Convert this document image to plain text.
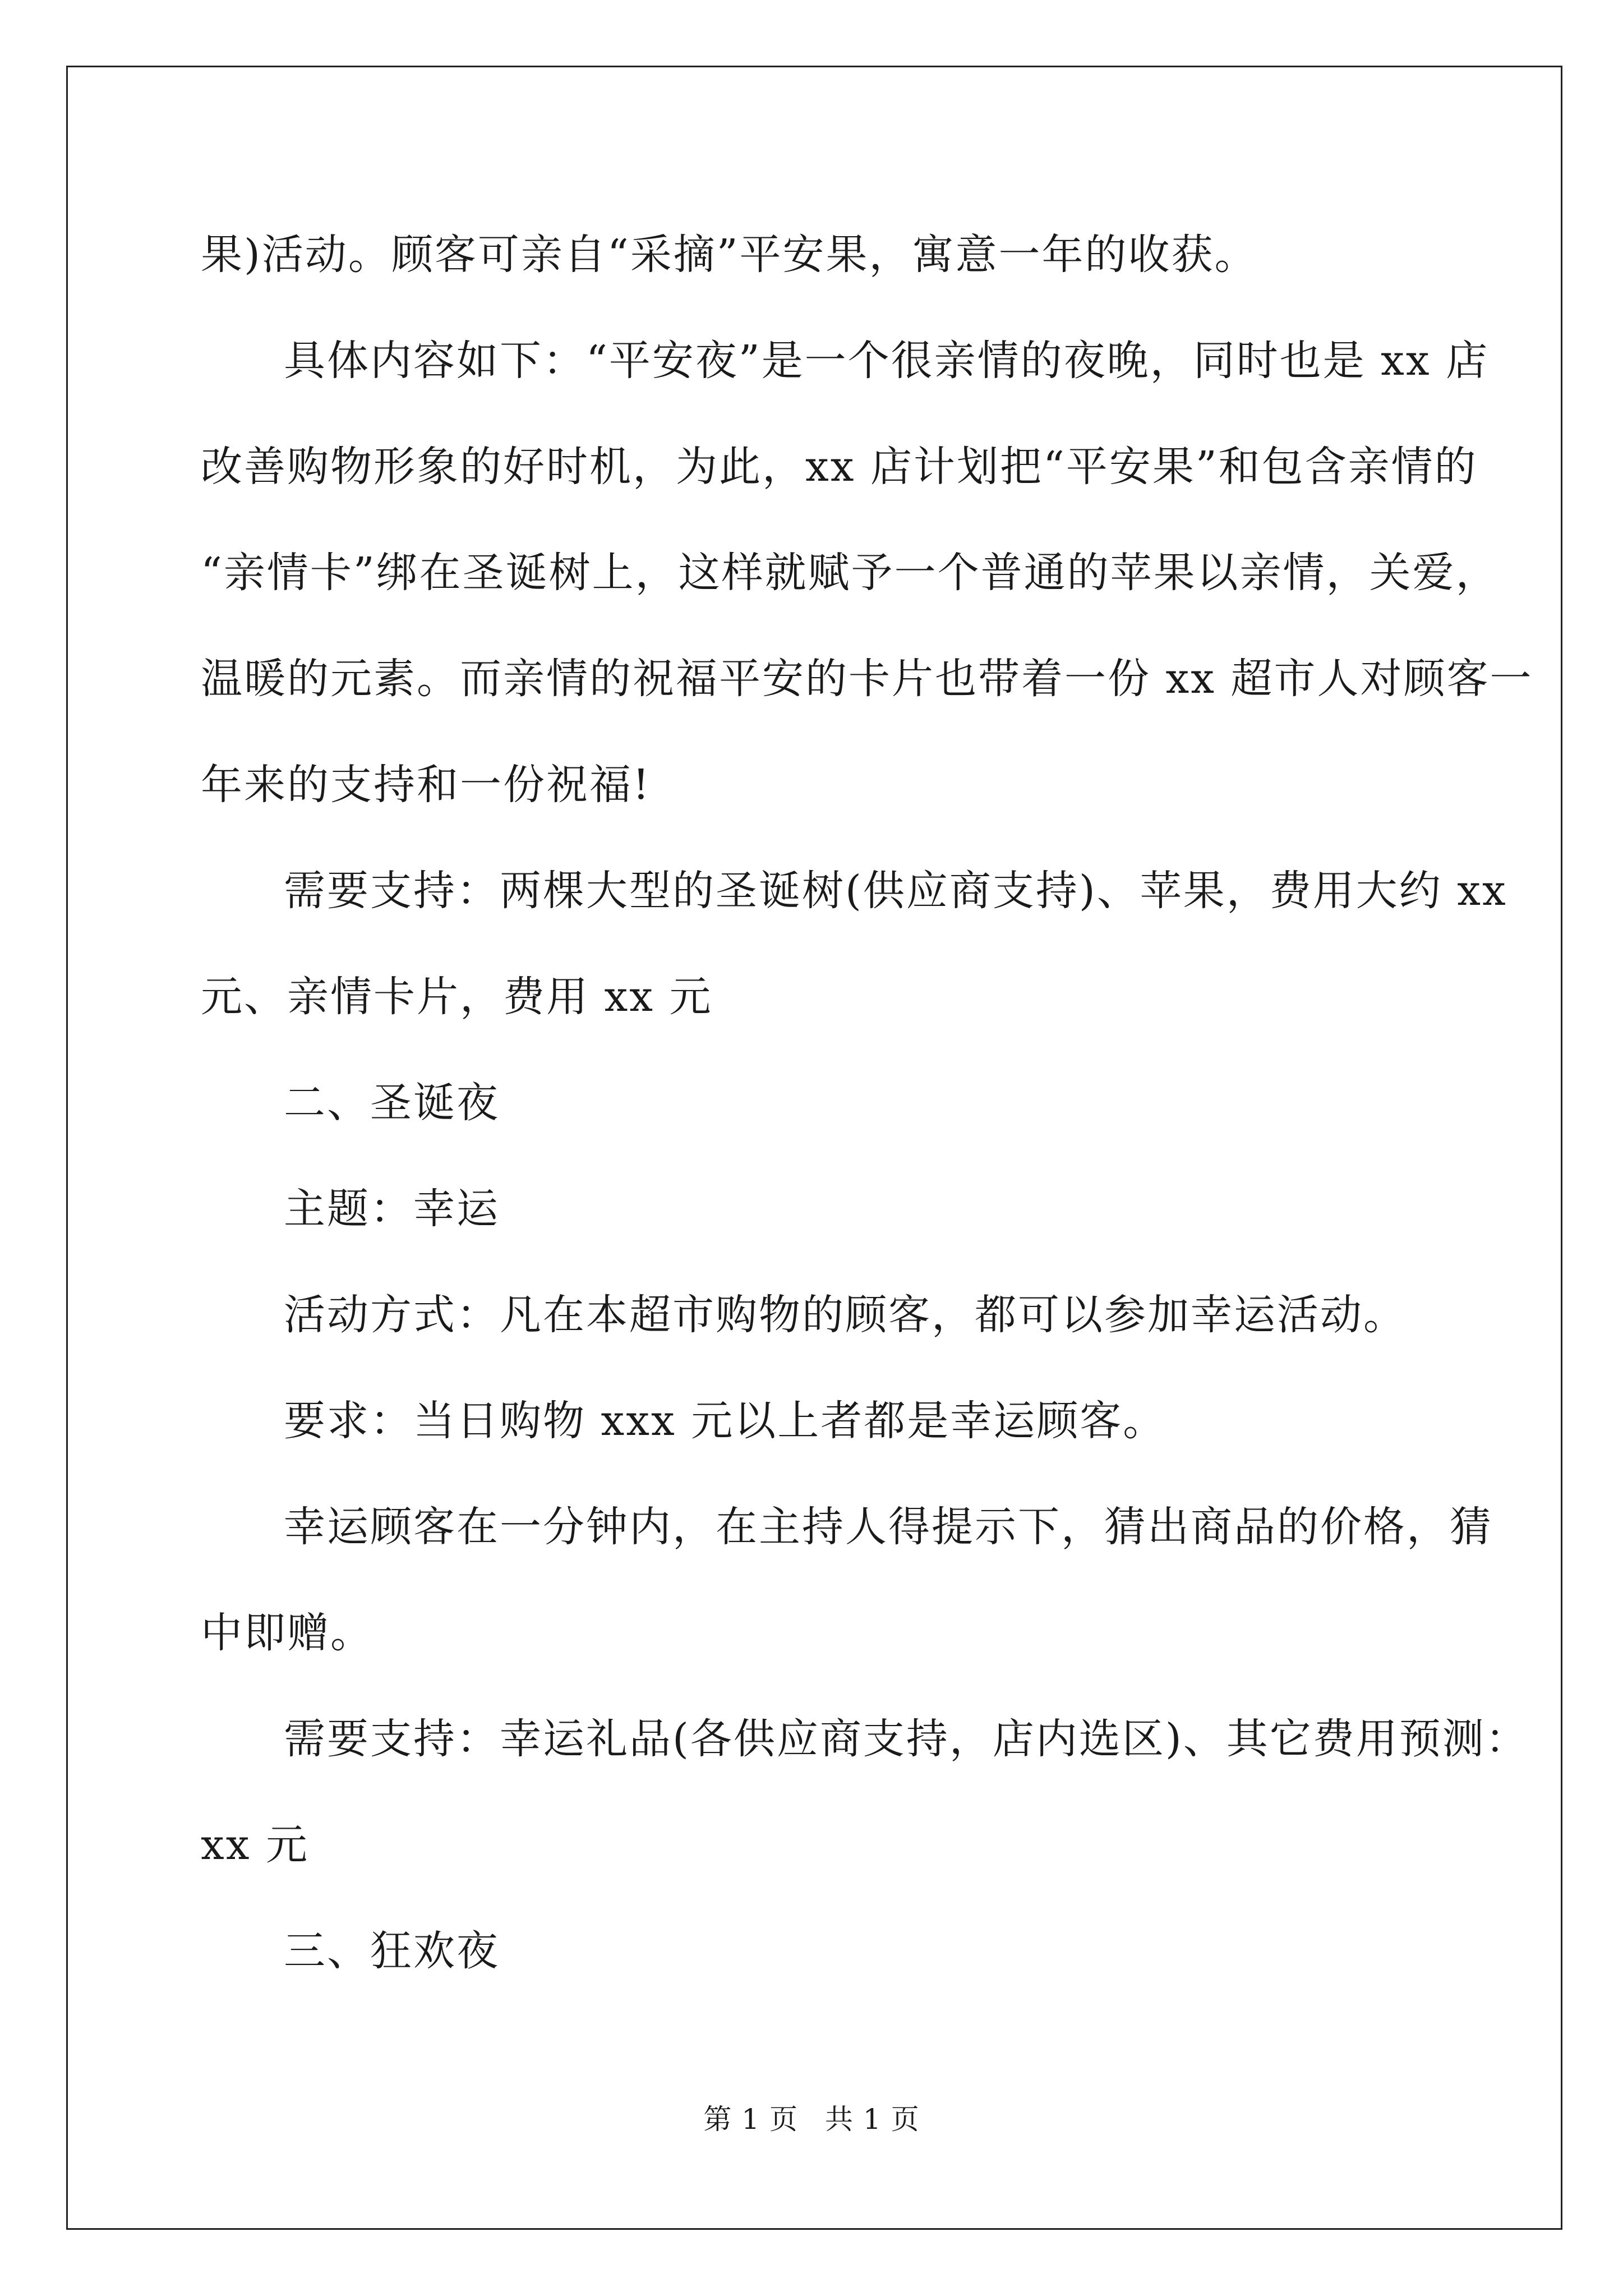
果)活动。顾客可亲自“采摘”平安果，寓意一年的收获。

具体内容如下：“平安夜”是一个很亲情的夜晚，同时也是 xx 店

改善购物形象的好时机，为此，xx 店计划把“平安果”和包含亲情的

“亲情卡”绑在圣诞树上，这样就赋予一个普通的苹果以亲情，关爱，

温暖的元素。而亲情的祝福平安的卡片也带着一份 xx 超市人对顾客一

年来的支持和一份祝福!

需要支持：两棵大型的圣诞树(供应商支持)、苹果，费用大约 xx

元、亲情卡片，费用 xx 元

二、圣诞夜

主题：幸运

活动方式：凡在本超市购物的顾客，都可以参加幸运活动。

要求：当日购物 xxx 元以上者都是幸运顾客。

幸运顾客在一分钟内，在主持人得提示下，猜出商品的价格，猜

中即赠。

需要支持：幸运礼品(各供应商支持，店内选区)、其它费用预测：

xx 元

三、狂欢夜

第 1 页 共 1 页
